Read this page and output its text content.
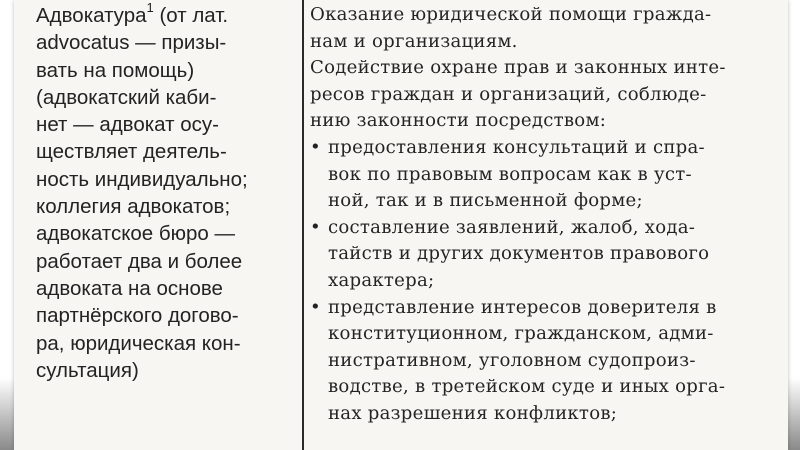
Адвокатура$^1$ (от лат.
advocatus — призы-
вать на помощь)
(адвокатский каби-
нет — адвокат осу-
ществляет деятель-
ность индивидуально;
коллегия адвокатов;
адвокатское бюро —
работает два и более
адвоката на основе
партнёрского догово-
ра, юридическая кон-
сультация)
Оказание юридической помощи гражда-
нам и организациям.
Содействие охране прав и законных инте-
ресов граждан и организаций, соблюде-
нию законности посредством:
• предоставления консультаций и спра-
вок по правовым вопросам как в уст-
ной, так и в письменной форме;
• составление заявлений, жалоб, хода-
тайств и других документов правового
характера;
• представление интересов доверителя в
конституционном, гражданском, адми-
нистративном, уголовном судопроиз-
водстве, в третейском суде и иных орга-
нах разрешения конфликтов;
